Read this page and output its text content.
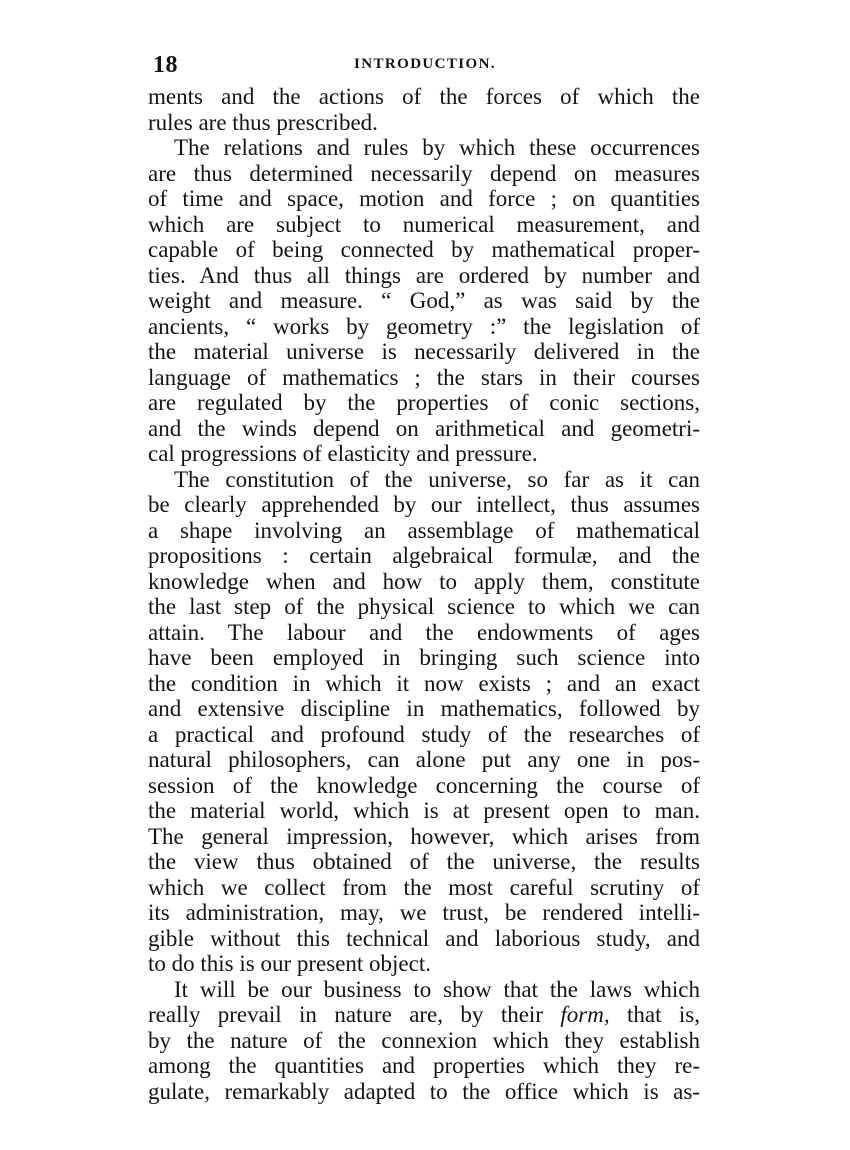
18	INTRODUCTION.
ments and the actions of the forces of which the
rules are thus prescribed.
The relations and rules by which these occurrences
are thus determined necessarily depend on measures
of time and space, motion and force ; on quantities
which are subject to numerical measurement, and
capable of being connected by mathematical proper-
ties. And thus all things are ordered by number and
weight and measure. “ God,” as was said by the
ancients, “ works by geometry :” the legislation of
the material universe is necessarily delivered in the
language of mathematics ; the stars in their courses
are regulated by the properties of conic sections,
and the winds depend on arithmetical and geometri-
cal progressions of elasticity and pressure.
The constitution of the universe, so far as it can
be clearly apprehended by our intellect, thus assumes
a shape involving an assemblage of mathematical
propositions : certain algebraical formulæ, and the
knowledge when and how to apply them, constitute
the last step of the physical science to which we can
attain. The labour and the endowments of ages
have been employed in bringing such science into
the condition in which it now exists ; and an exact
and extensive discipline in mathematics, followed by
a practical and profound study of the researches of
natural philosophers, can alone put any one in pos-
session of the knowledge concerning the course of
the material world, which is at present open to man.
The general impression, however, which arises from
the view thus obtained of the universe, the results
which we collect from the most careful scrutiny of
its administration, may, we trust, be rendered intelli-
gible without this technical and laborious study, and
to do this is our present object.
It will be our business to show that the laws which
really prevail in nature are, by their form, that is,
by the nature of the connexion which they establish
among the quantities and properties which they re-
gulate, remarkably adapted to the office which is as-
